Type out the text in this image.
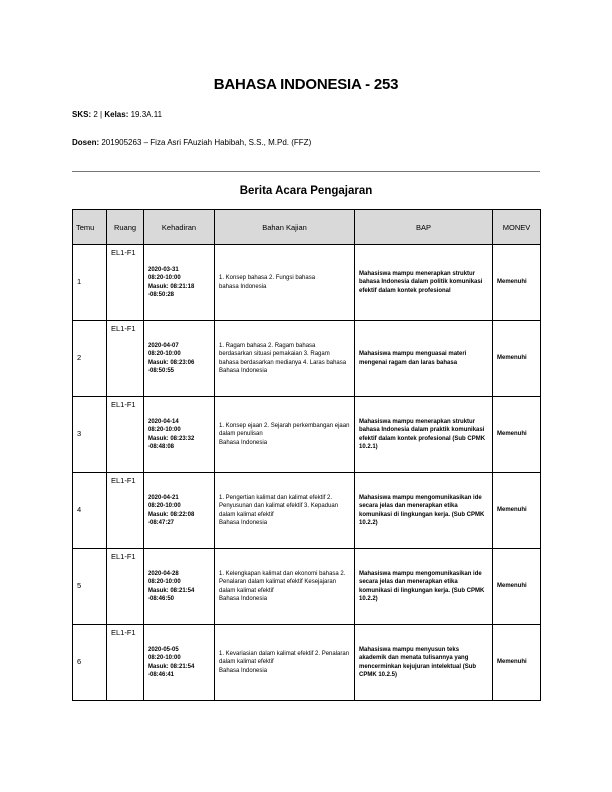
BAHASA INDONESIA - 253
SKS: 2 | Kelas: 19.3A.11
Dosen: 201905263 – Fiza Asri FAuziah Habibah, S.S., M.Pd. (FFZ)
Berita Acara Pengajaran
Temu	Ruang	Kehadiran	Bahan Kajian	BAP	MONEV
1	EL1-F1	2020-03-31
08:20-10:00
Masuk: 08:21:18
-08:50:28	1. Konsep bahasa 2. Fungsi bahasa
bahasa Indonesia	Mahasiswa mampu menerapkan struktur bahasa Indonesia dalam politik komunikasi efektif dalam kontek profesional	Memenuhi
2	EL1-F1	2020-04-07
08:20-10:00
Masuk: 08:23:06
-08:50:55	1. Ragam bahasa 2. Ragam bahasa berdasarkan situasi pemakaian 3. Ragam bahasa berdasarkan medianya 4. Laras bahasa
Bahasa Indonesia	Mahasiswa mampu menguasai materi mengenai ragam dan laras bahasa	Memenuhi
3	EL1-F1	2020-04-14
08:20-10:00
Masuk: 08:23:32
-08:48:08	1. Konsep ejaan 2. Sejarah perkembangan ejaan dalam penulisan
Bahasa Indonesia	Mahasiswa mampu menerapkan struktur bahasa Indonesia dalam praktik komunikasi efektif dalam kontek profesional (Sub CPMK 10.2.1)	Memenuhi
4	EL1-F1	2020-04-21
08:20-10:00
Masuk: 08:22:08
-08:47:27	1. Pengertian kalimat dan kalimat efektif 2. Penyusunan dan kalimat efektif 3. Kepaduan dalam kalimat efektif
Bahasa Indonesia	Mahasiswa mampu mengomunikasikan ide secara jelas dan menerapkan etika komunikasi di lingkungan kerja. (Sub CPMK 10.2.2)	Memenuhi
5	EL1-F1	2020-04-28
08:20-10:00
Masuk: 08:21:54
-08:46:50	1. Kelengkapan kalimat dan ekonomi bahasa 2. Penalaran dalam kalimat efektif Kesejajaran dalam kalimat efektif
Bahasa Indonesia	Mahasiswa mampu mengomunikasikan ide secara jelas dan menerapkan etika komunikasi di lingkungan kerja. (Sub CPMK 10.2.2)	Memenuhi
6	EL1-F1	2020-05-05
08:20-10:00
Masuk: 08:21:54
-08:46:41	1. Kevariasian dalam kalimat efektif 2. Penalaran dalam kalimat efektif
Bahasa Indonesia	Mahasiswa mampu menyusun teks akademik dan menata tulisannya yang mencerminkan kejujuran intelektual (Sub CPMK 10.2.5)	Memenuhi
